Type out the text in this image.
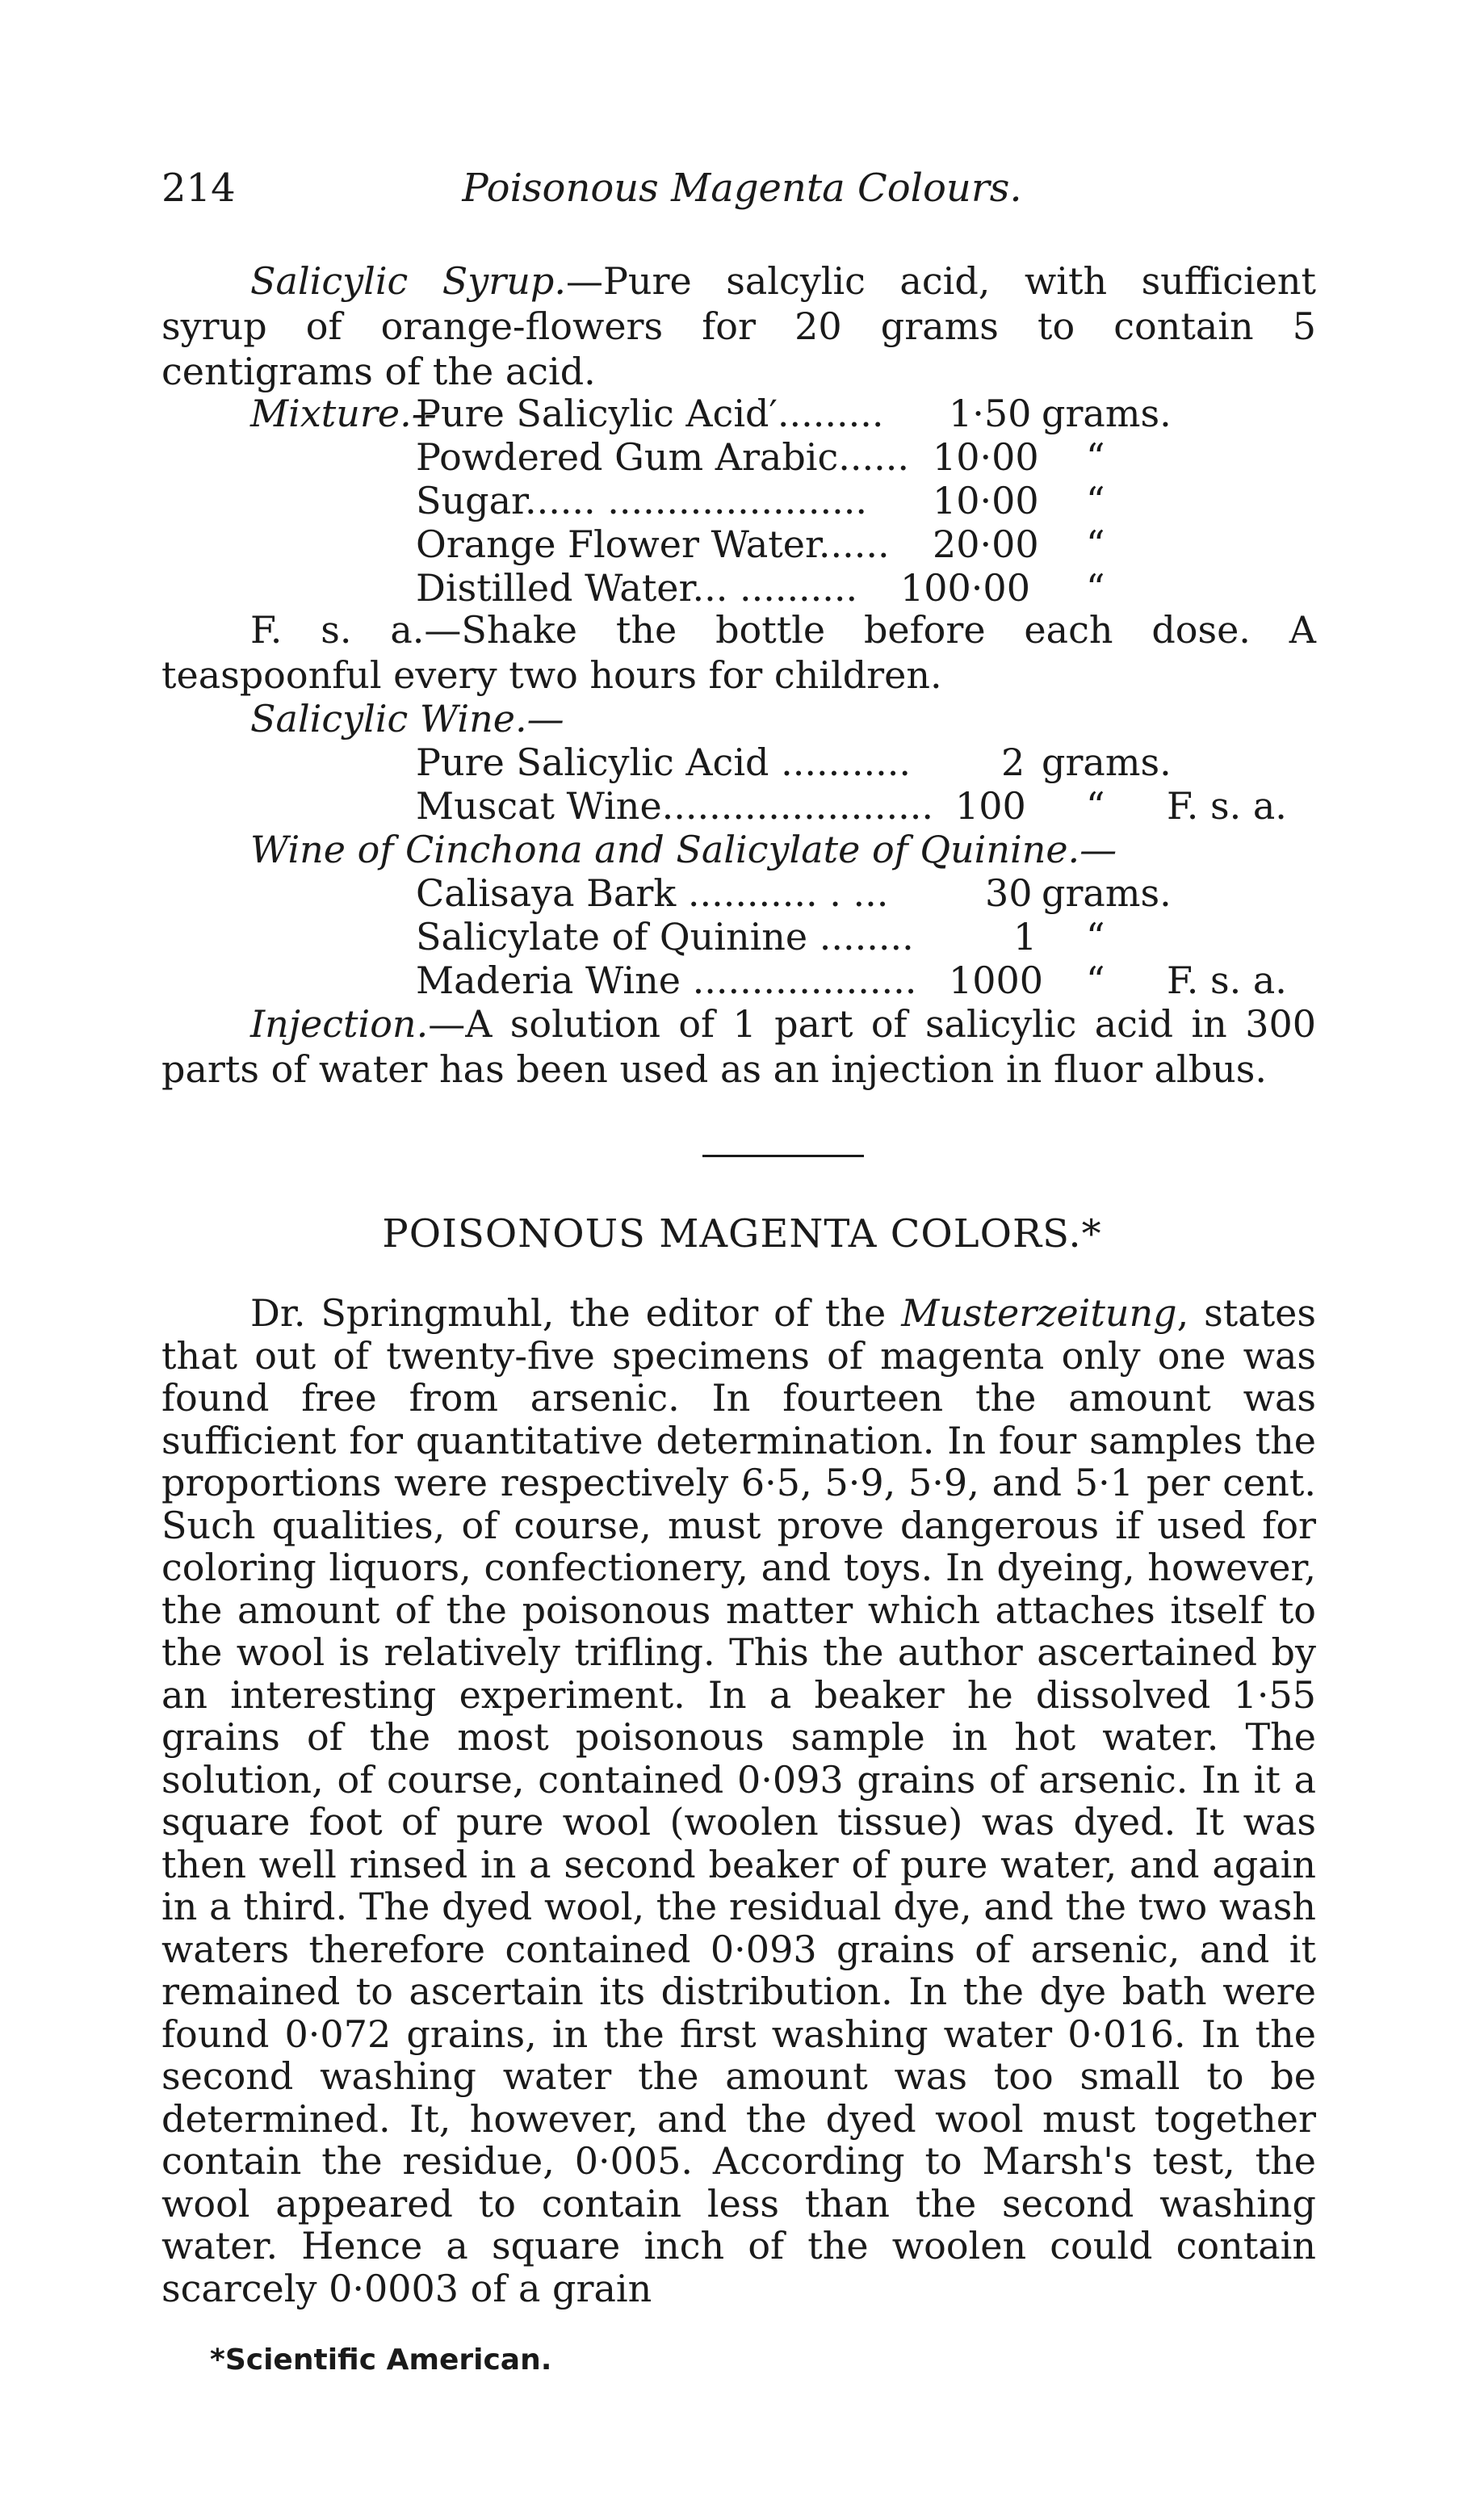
214	Poisonous Magenta Colours.

Salicylic Syrup.—Pure salcylic acid, with sufficient syrup of orange-flowers for 20 grams to contain 5 centigrams of the acid.

Mixture.--

Pure Salicylic Acid′......... 1·50 grams.
Powdered Gum Arabic...... 10·00 “
Sugar...... ...................... 10·00 “
Orange Flower Water...... 20·00 “
Distilled Water... .......... 100·00 “

F. s. a.—Shake the bottle before each dose. A teaspoonful every two hours for children.

Salicylic Wine.—

Pure Salicylic Acid ........... 2 grams.
Muscat Wine....................... 100 “ F. s. a.

Wine of Cinchona and Salicylate of Quinine.—

Calisaya Bark ........... . ...	30 grams.
Salicylate of Quinine ........	1 “
Maderia Wine ................... 1000 “ F. s. a.

Injection.—A solution of 1 part of salicylic acid in 300 parts of water has been used as an injection in fluor albus.

POISONOUS MAGENTA COLORS.*

Dr. Springmuhl, the editor of the Musterzeitung, states that out of twenty-five specimens of magenta only one was found free from arsenic. In fourteen the amount was sufficient for quantitative determination. In four samples the proportions were respectively 6·5, 5·9, 5·9, and 5·1 per cent. Such qualities, of course, must prove dangerous if used for coloring liquors, confectionery, and toys. In dyeing, however, the amount of the poisonous matter which attaches itself to the wool is relatively trifling. This the author ascertained by an interesting experiment. In a beaker he dissolved 1·55 grains of the most poisonous sample in hot water. The solution, of course, contained 0·093 grains of arsenic. In it a square foot of pure wool (woolen tissue) was dyed. It was then well rinsed in a second beaker of pure water, and again in a third. The dyed wool, the residual dye, and the two wash waters therefore contained 0·093 grains of arsenic, and it remained to ascertain its distribution. In the dye bath were found 0·072 grains, in the first washing water 0·016. In the second washing water the amount was too small to be determined. It, however, and the dyed wool must together contain the residue, 0·005. According to Marsh's test, the wool appeared to contain less than the second washing water. Hence a square inch of the woolen could contain scarcely 0·0003 of a grain

*Scientific American.
